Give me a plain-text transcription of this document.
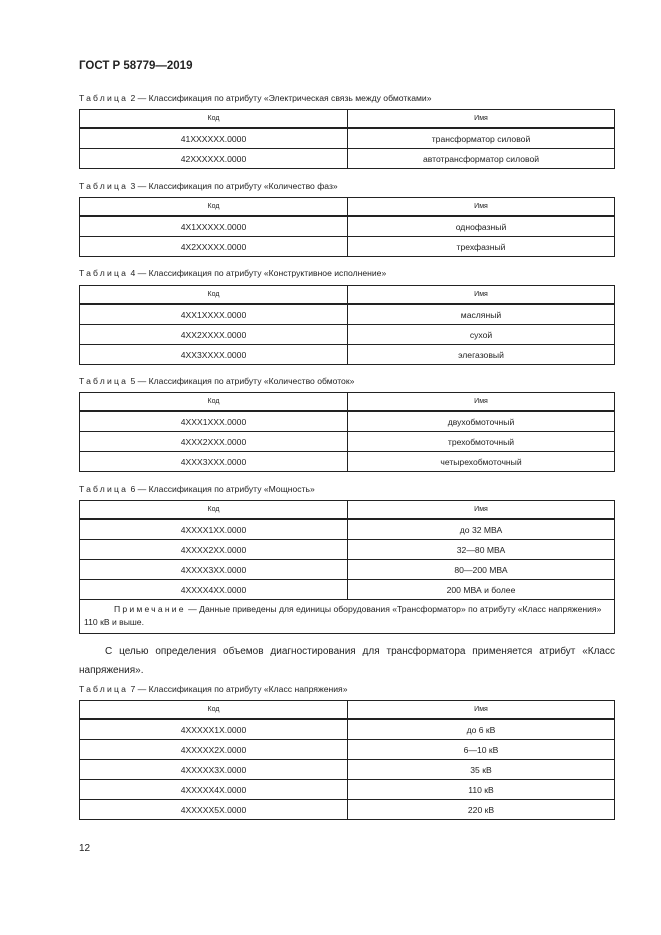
ГОСТ Р 58779—2019
С целью определения объемов диагностирования для трансформатора применяется атрибут «Класс напряжения».
12
Таблица 2 — Классификация по атрибуту «Электрическая связь между обмотками»
Код	Имя
41XXXXXX.0000	трансформатор силовой
42XXXXXX.0000	автотрансформатор силовой
Таблица 3 — Классификация по атрибуту «Количество фаз»
Код	Имя
4X1XXXXX.0000	однофазный
4X2XXXXX.0000	трехфазный
Таблица 4 — Классификация по атрибуту «Конструктивное исполнение»
Код	Имя
4XX1XXXX.0000	масляный
4XX2XXXX.0000	сухой
4XX3XXXX.0000	элегазовый
Таблица 5 — Классификация по атрибуту «Количество обмоток»
Код	Имя
4XXX1XXX.0000	двухобмоточный
4XXX2XXX.0000	трехобмоточный
4XXX3XXX.0000	четырехобмоточный
Таблица 6 — Классификация по атрибуту «Мощность»
Код	Имя
4XXXX1XX.0000	до 32 МВА
4XXXX2XX.0000	32—80 МВА
4XXXX3XX.0000	80—200 МВА
4XXXX4XX.0000	200 МВА и более
Примечание — Данные приведены для единицы оборудования «Трансформатор» по атрибуту «Класс напряжения» 110 кВ и выше.	
Таблица 7 — Классификация по атрибуту «Класс напряжения»
Код	Имя
4XXXXX1X.0000	до 6 кВ
4XXXXX2X.0000	6—10 кВ
4XXXXX3X.0000	35 кВ
4XXXXX4X.0000	110 кВ
4XXXXX5X.0000	220 кВ
